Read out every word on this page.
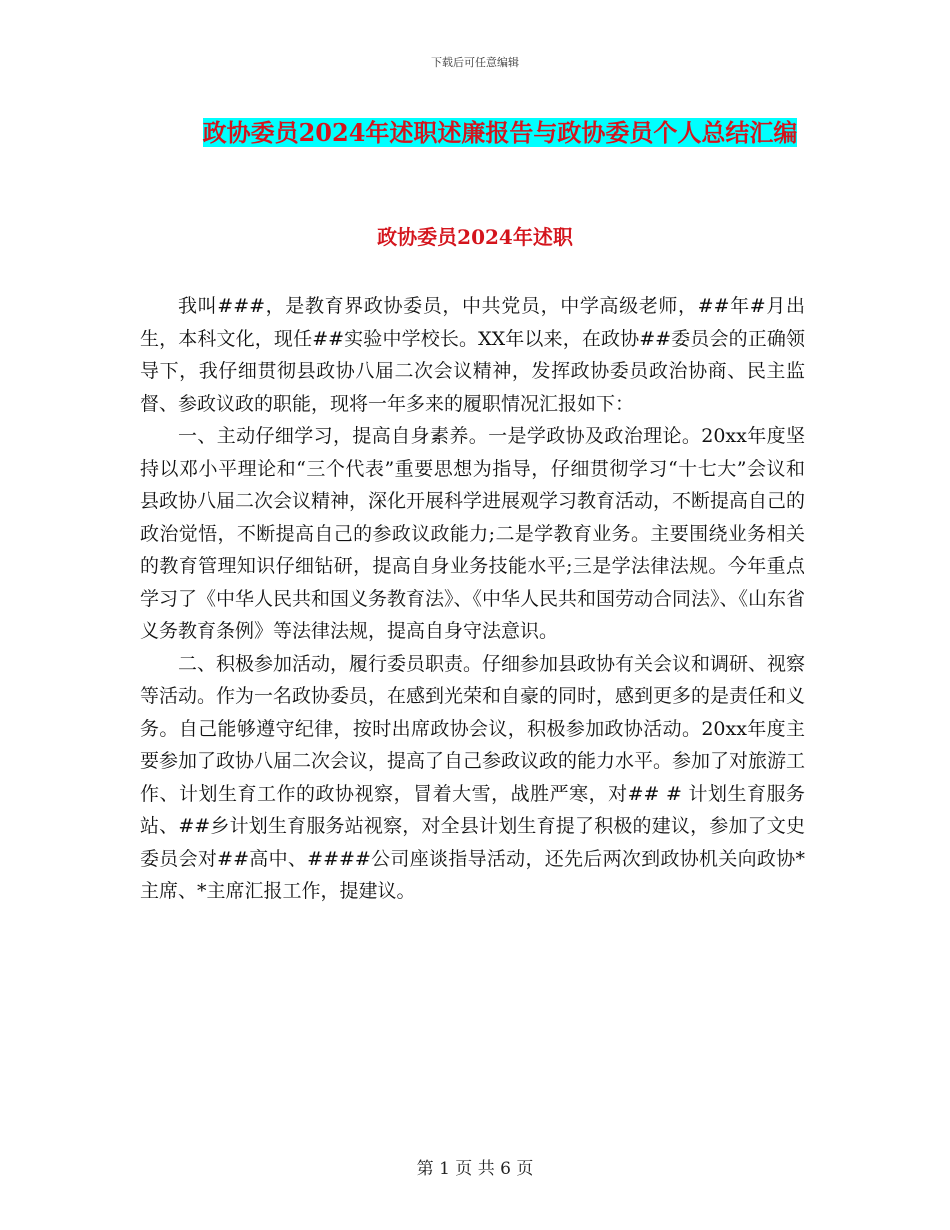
下载后可任意编辑
政协委员2024年述职述廉报告与政协委员个人总结汇编
政协委员2024年述职

我叫###，是教育界政协委员，中共党员，中学高级老师，##年#月出生，本科文化，现任##实验中学校长。XX年以来，在政协##委员会的正确领导下，我仔细贯彻县政协八届二次会议精神，发挥政协委员政治协商、民主监督、参政议政的职能，现将一年多来的履职情况汇报如下：

一、主动仔细学习，提高自身素养。一是学政协及政治理论。20xx年度坚持以邓小平理论和“三个代表”重要思想为指导，仔细贯彻学习“十七大”会议和县政协八届二次会议精神，深化开展科学进展观学习教育活动，不断提高自己的政治觉悟，不断提高自己的参政议政能力;二是学教育业务。主要围绕业务相关的教育管理知识仔细钻研，提高自身业务技能水平;三是学法律法规。今年重点学习了《中华人民共和国义务教育法》、《中华人民共和国劳动合同法》、《山东省义务教育条例》等法律法规，提高自身守法意识。

二、积极参加活动，履行委员职责。仔细参加县政协有关会议和调研、视察等活动。作为一名政协委员，在感到光荣和自豪的同时，感到更多的是责任和义务。自己能够遵守纪律，按时出席政协会议，积极参加政协活动。20xx年度主要参加了政协八届二次会议，提高了自己参政议政的能力水平。参加了对旅游工作、计划生育工作的政协视察，冒着大雪，战胜严寒，对## # 计划生育服务站、##乡计划生育服务站视察，对全县计划生育提了积极的建议，参加了文史委员会对##高中、####公司座谈指导活动，还先后两次到政协机关向政协*主席、*主席汇报工作，提建议。

第 1 页 共 6 页
